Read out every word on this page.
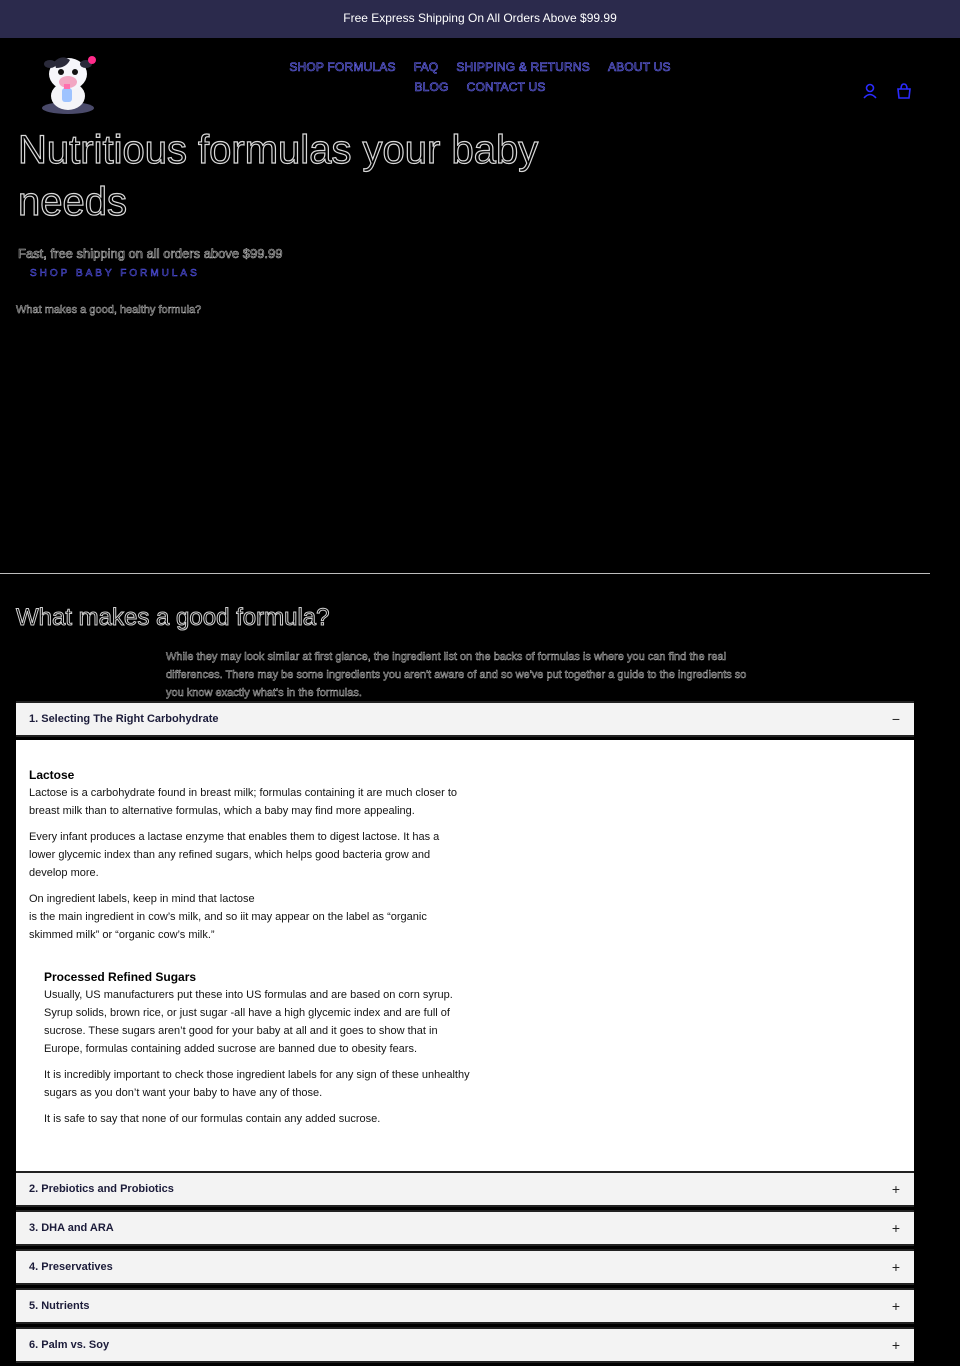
Free Express Shipping On All Orders Above $99.99
SHOP FORMULAS FAQ SHIPPING & RETURNS ABOUT US
BLOG CONTACT US
Nutritious formulas your baby needs
Fast, free shipping on all orders above $99.99
SHOP BABY FORMULAS
What makes a good, healthy formula?
What makes a good formula?
While they may look similar at first glance, the ingredient list on the backs of formulas is where you can find the real differences. There may be some ingredients you aren't aware of and so we've put together a guide to the ingredients so you know exactly what's in the formulas.
1. Selecting The Right Carbohydrate	−
Lactose

Lactose is a carbohydrate found in breast milk; formulas containing it are much closer to breast milk than to alternative formulas, which a baby may find more appealing.

Every infant produces a lactase enzyme that enables them to digest lactose. It has a lower glycemic index than any refined sugars, which helps good bacteria grow and develop more.

On ingredient labels, keep in mind that lactose
is the main ingredient in cow’s milk, and so iit may appear on the label as “organic skimmed milk” or “organic cow’s milk.”

Processed Refined Sugars

Usually, US manufacturers put these into US formulas and are based on corn syrup. Syrup solids, brown rice, or just sugar -all have a high glycemic index and are full of sucrose. These sugars aren’t good for your baby at all and it goes to show that in Europe, formulas containing added sucrose are banned due to obesity fears.

It is incredibly important to check those ingredient labels for any sign of these unhealthy sugars as you don’t want your baby to have any of those.

It is safe to say that none of our formulas contain any added sucrose.

2. Prebiotics and Probiotics	+
3. DHA and ARA	+
4. Preservatives	+
5. Nutrients	+
6. Palm vs. Soy	+
